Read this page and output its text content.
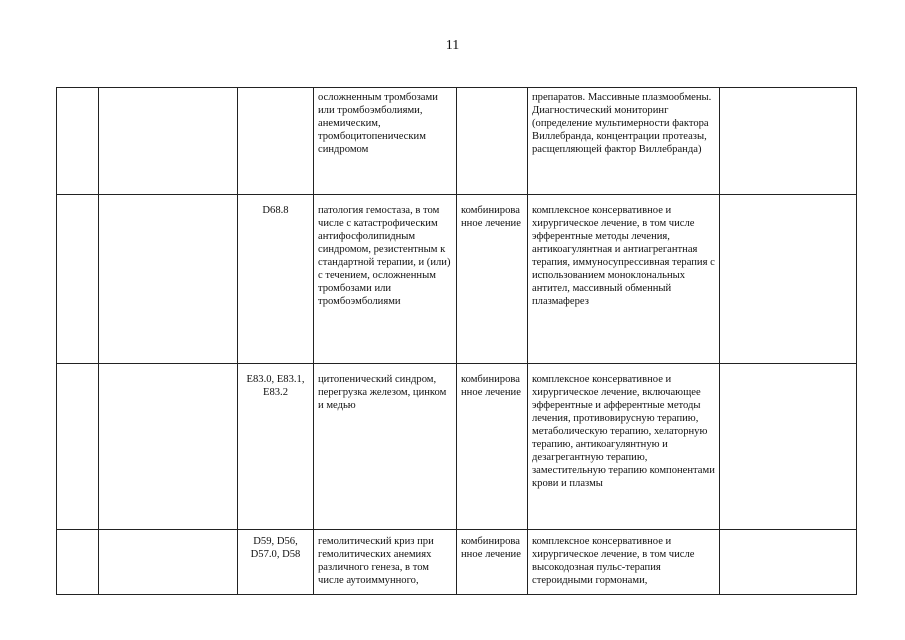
11

			осложненным тромбозами или тромбоэмболиями, анемическим, тромбоцитопеническим синдромом		препаратов. Массивные плазмообмены. Диагностический мониторинг (определение мультимерности фактора Виллебранда, концентрации протеазы, расщепляющей фактор Виллебранда)	

		D68.8	патология гемостаза, в том числе с катастрофическим антифосфолипидным синдромом, резистентным к стандартной терапии, и (или) с течением, осложненным тромбозами или тромбоэмболиями	комбинированное лечение	комплексное консервативное и хирургическое лечение, в том числе эфферентные методы лечения, антикоагулянтная и антиагрегантная терапия, иммуносупрессивная терапия с использованием моноклональных антител, массивный обменный плазмаферез	

		E83.0, E83.1, E83.2	цитопенический синдром, перегрузка железом, цинком и медью	комбинированное лечение	комплексное консервативное и хирургическое лечение, включающее эфферентные и афферентные методы лечения, противовирусную терапию, метаболическую терапию, хелаторную терапию, антикоагулянтную и дезагрегантную терапию, заместительную терапию компонентами крови и плазмы	

		D59, D56, D57.0, D58	гемолитический криз при гемолитических анемиях различного генеза, в том числе аутоиммунного,	комбинированное лечение	комплексное консервативное и хирургическое лечение, в том числе высокодозная пульс-терапия стероидными гормонами,	
